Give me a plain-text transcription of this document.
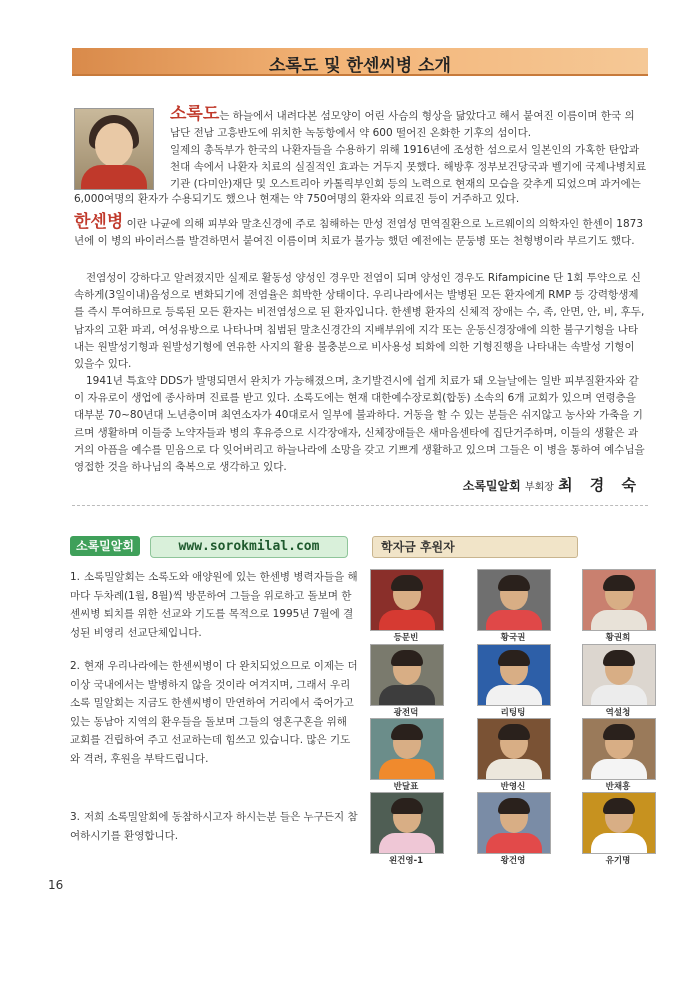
소록도 및 한센씨병 소개
소록도는 하늘에서 내려다본 섬모양이 어린 사슴의 형상을 닮았다고 해서 붙여진 이름이며 한국 의 남단 전남 고흥반도에 위치한 녹동항에서 약 600 떨어진 온화한 기후의 섬이다.
일제의 총독부가 한국의 나환자들을 수용하기 위해 1916년에 조성한 섬으로서 일본인의 가혹한 탄압과 천대 속에서 나환자 치료의 실질적인 효과는 거두지 못했다. 해방후 정부보건당국과 벨기에 국제나병치료기관 (다미안)재단 및 오스트리아 카톨릭부인회 등의 노력으로 현재의 모습을 갖추게 되었으며 과거에는
6,000여명의 환자가 수용되기도 했으나 현재는 약 750여명의 환자와 의료진 등이 거주하고 있다.
한센병 이란 나균에 의해 피부와 말초신경에 주로 침해하는 만성 전염성 면역질환으로 노르웨이의 의학자인 한센이 1873년에 이 병의 바이러스를 발견하면서 붙여진 이름이며 치료가 불가능 했던 예전에는 문둥병 또는 천형병이라 부르기도 했다.
전염성이 강하다고 알려졌지만 실제로 활동성 양성인 경우만 전염이 되며 양성인 경우도 Rifampicine 단 1회 투약으로 신속하게(3일이내)음성으로 변화되기에 전염율은 희박한 상태이다. 우리나라에서는 발병된 모든 환자에게 RMP 등 강력항생제를 즉시 투여하므로 등록된 모든 환자는 비전염성으로 된 환자입니다. 한센병 환자의 신체적 장애는 수, 족, 안면, 안, 비, 후두, 남자의 고환 파괴, 여성유방으로 나타나며 침범된 말초신경간의 지배부위에 지각 또는 운동신경장애에 의한 불구기형을 나타내는 원발성기형과 원발성기형에 연유한 사지의 활용 불충분으로 비사용성 퇴화에 의한 기형진행을 나타내는 속발성 기형이 있을수 있다.
1941년 특효약 DDS가 발명되면서 완치가 가능해졌으며, 초기발견시에 쉽게 치료가 돼 오늘날에는 일반 피부질환자와 같이 자유로이 생업에 종사하며 진료를 받고 있다. 소록도에는 현재 대한예수장로회(합동) 소속의 6개 교회가 있으며 연령층을 대부분 70~80년대 노년층이며 최연소자가 40대로서 일부에 불과하다. 거동을 할 수 있는 분들은 쉬지않고 농사와 가축을 기르며 생활하며 이들중 노약자들과 병의 후유증으로 시각장애자, 신체장애들은 새마음센타에 집단거주하며, 이들의 생활은 과거의 아픔을 예수를 믿음으로 다 잊어버리고 하늘나라에 소망을 갖고 기쁘게 생활하고 있으며 그들은 이 병을 통하여 예수님을 영접한 것을 하나님의 축복으로 생각하고 있다.
소록밀알회 부회장 최 경 숙
소록밀알회	www.sorokmilal.com	학자금 후원자
1. 소록밀알회는 소록도와 애양원에 있는 한센병 병력자들을 해마다 두차례(1월, 8월)씩 방문하여 그들을 위로하고 돌보며 한센씨병 퇴치를 위한 선교와 기도를 목적으로 1995년 7월에 결성된 비영리 선교단체입니다.
2. 현재 우리나라에는 한센씨병이 다 완치되었으므로 이제는 더 이상 국내에서는 발병하지 않을 것이라 여겨지며, 그래서 우리 소록 밀알회는 지금도 한센씨병이 만연하여 거리에서 죽어가고 있는 동남아 지역의 환우들을 돌보며 그들의 영혼구혼을 위해 교회를 건립하여 주고 선교하는데 힘쓰고 있습니다. 많은 기도와 격려, 후원을 부탁드립니다.
3. 저희 소록밀알회에 동참하시고자 하시는분 들은 누구든지 참여하시기를 환영합니다.
등문빈	황국권	황권희
광전덕	리팅팅	역설청
반달표	반영신	반채흥
왼건영-1	왕건영	유기명
16
